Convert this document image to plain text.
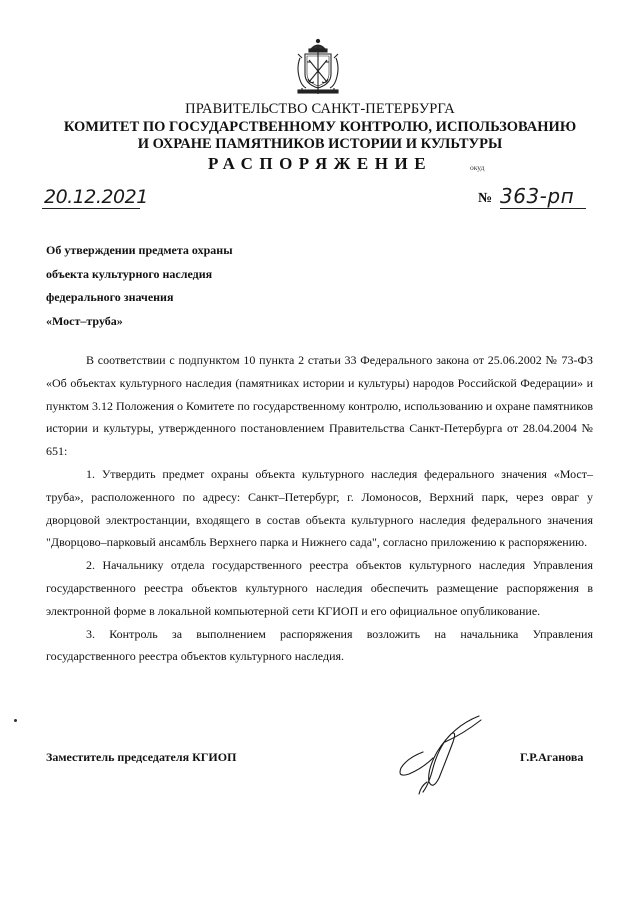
ПРАВИТЕЛЬСТВО САНКТ-ПЕТЕРБУРГА
КОМИТЕТ ПО ГОСУДАРСТВЕННОМУ КОНТРОЛЮ, ИСПОЛЬЗОВАНИЮ
И ОХРАНЕ ПАМЯТНИКОВ ИСТОРИИ И КУЛЬТУРЫ
РАСПОРЯЖЕНИЕ	окуд
20.12.2021	№ 363-рп
Об утверждении предмета охраны
объекта культурного наследия
федерального значения
«Мост–труба»

В соответствии с подпунктом 10 пункта 2 статьи 33 Федерального закона от 25.06.2002 № 73-ФЗ «Об объектах культурного наследия (памятниках истории и культуры) народов Российской Федерации» и пунктом 3.12 Положения о Комитете по государственному контролю, использованию и охране памятников истории и культуры, утвержденного постановлением Правительства Санкт-Петербурга от 28.04.2004 № 651:

1. Утвердить предмет охраны объекта культурного наследия федерального значения «Мост–труба», расположенного по адресу: Санкт–Петербург, г. Ломоносов, Верхний парк, через овраг у дворцовой электростанции, входящего в состав объекта культурного наследия федерального значения "Дворцово–парковый ансамбль Верхнего парка и Нижнего сада", согласно приложению к распоряжению.

2. Начальнику отдела государственного реестра объектов культурного наследия Управления государственного реестра объектов культурного наследия обеспечить размещение распоряжения в электронной форме в локальной компьютерной сети КГИОП и его официальное опубликование.

3. Контроль за выполнением распоряжения возложить на начальника Управления государственного реестра объектов культурного наследия.

Заместитель председателя КГИОП	Г.Р.Аганова
